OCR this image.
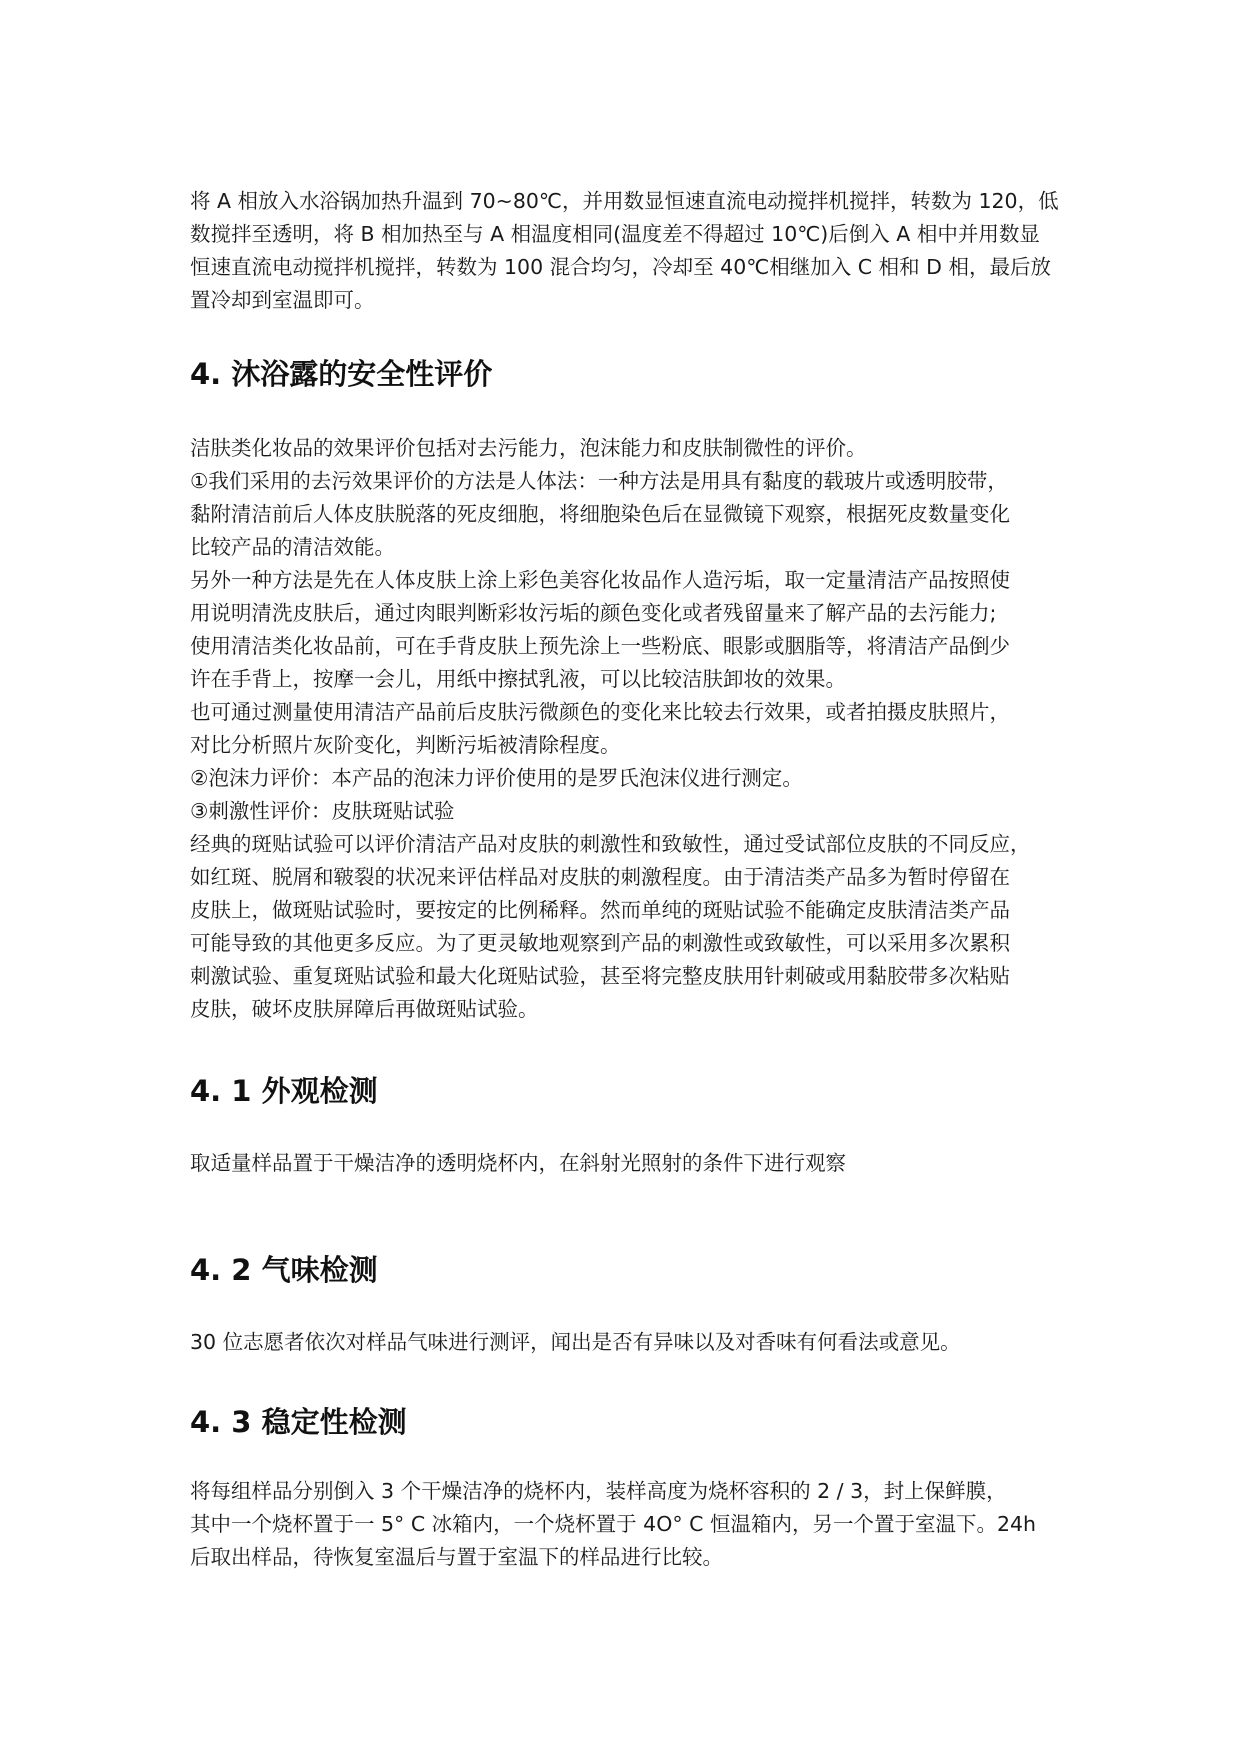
将 A 相放入水浴锅加热升温到 70~80℃，并用数显恒速直流电动搅拌机搅拌，转数为 120，低
数搅拌至透明，将 B 相加热至与 A 相温度相同(温度差不得超过 10℃)后倒入 A 相中并用数显
恒速直流电动搅拌机搅拌，转数为 100 混合均匀，冷却至 40℃相继加入 C 相和 D 相，最后放
置冷却到室温即可。

4. 沐浴露的安全性评价

洁肤类化妆品的效果评价包括对去污能力，泡沫能力和皮肤制微性的评价。
①我们采用的去污效果评价的方法是人体法：一种方法是用具有黏度的载玻片或透明胶带，
黏附清洁前后人体皮肤脱落的死皮细胞，将细胞染色后在显微镜下观察，根据死皮数量变化
比较产品的清洁效能。
另外一种方法是先在人体皮肤上涂上彩色美容化妆品作人造污垢，取一定量清洁产品按照使
用说明清洗皮肤后，通过肉眼判断彩妆污垢的颜色变化或者残留量来了解产品的去污能力;
使用清洁类化妆品前，可在手背皮肤上预先涂上一些粉底、眼影或胭脂等，将清洁产品倒少
许在手背上，按摩一会儿，用纸中擦拭乳液，可以比较洁肤卸妆的效果。
也可通过测量使用清洁产品前后皮肤污微颜色的变化来比较去行效果，或者拍摄皮肤照片，
对比分析照片灰阶变化，判断污垢被清除程度。
②泡沫力评价：本产品的泡沫力评价使用的是罗氏泡沫仪进行测定。
③刺激性评价：皮肤斑贴试验
经典的斑贴试验可以评价清洁产品对皮肤的刺激性和致敏性，通过受试部位皮肤的不同反应，
如红斑、脱屑和皲裂的状况来评估样品对皮肤的刺激程度。由于清洁类产品多为暂时停留在
皮肤上，做斑贴试验时，要按定的比例稀释。然而单纯的斑贴试验不能确定皮肤清洁类产品
可能导致的其他更多反应。为了更灵敏地观察到产品的刺激性或致敏性，可以采用多次累积
刺激试验、重复斑贴试验和最大化斑贴试验，甚至将完整皮肤用针刺破或用黏胶带多次粘贴
皮肤，破坏皮肤屏障后再做斑贴试验。

4. 1 外观检测

取适量样品置于干燥洁净的透明烧杯内，在斜射光照射的条件下进行观察

4. 2 气味检测

30 位志愿者依次对样品气味进行测评，闻出是否有异味以及对香味有何看法或意见。

4. 3 稳定性检测

将每组样品分别倒入 3 个干燥洁净的烧杯内，装样高度为烧杯容积的 2 / 3，封上保鲜膜，
其中一个烧杯置于一 5° C 冰箱内，一个烧杯置于 4O° C 恒温箱内，另一个置于室温下。24h
后取出样品，待恢复室温后与置于室温下的样品进行比较。
